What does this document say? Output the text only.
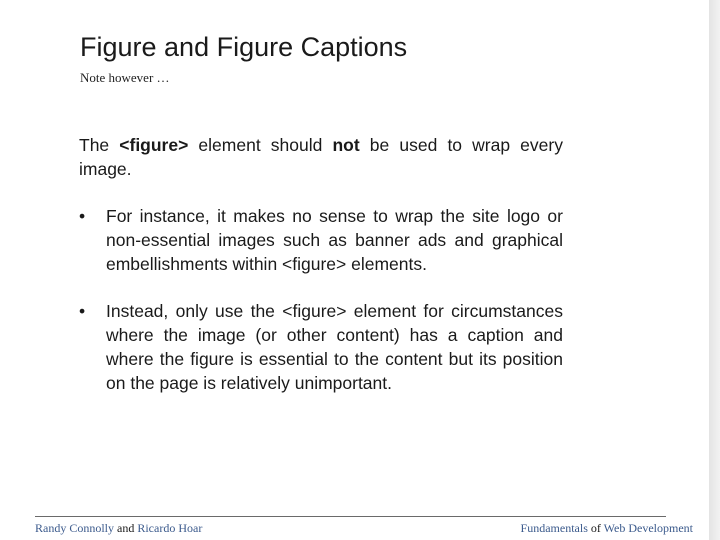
Figure and Figure Captions
Note however …

The <figure> element should not be used to wrap every image.

• For instance, it makes no sense to wrap the site logo or non-essential images such as banner ads and graphical embellishments within <figure> elements.
• Instead, only use the <figure> element for circumstances where the image (or other content) has a caption and where the figure is essential to the content but its position on the page is relatively unimportant.
Randy Connolly and Ricardo Hoar	Fundamentals of Web Development
